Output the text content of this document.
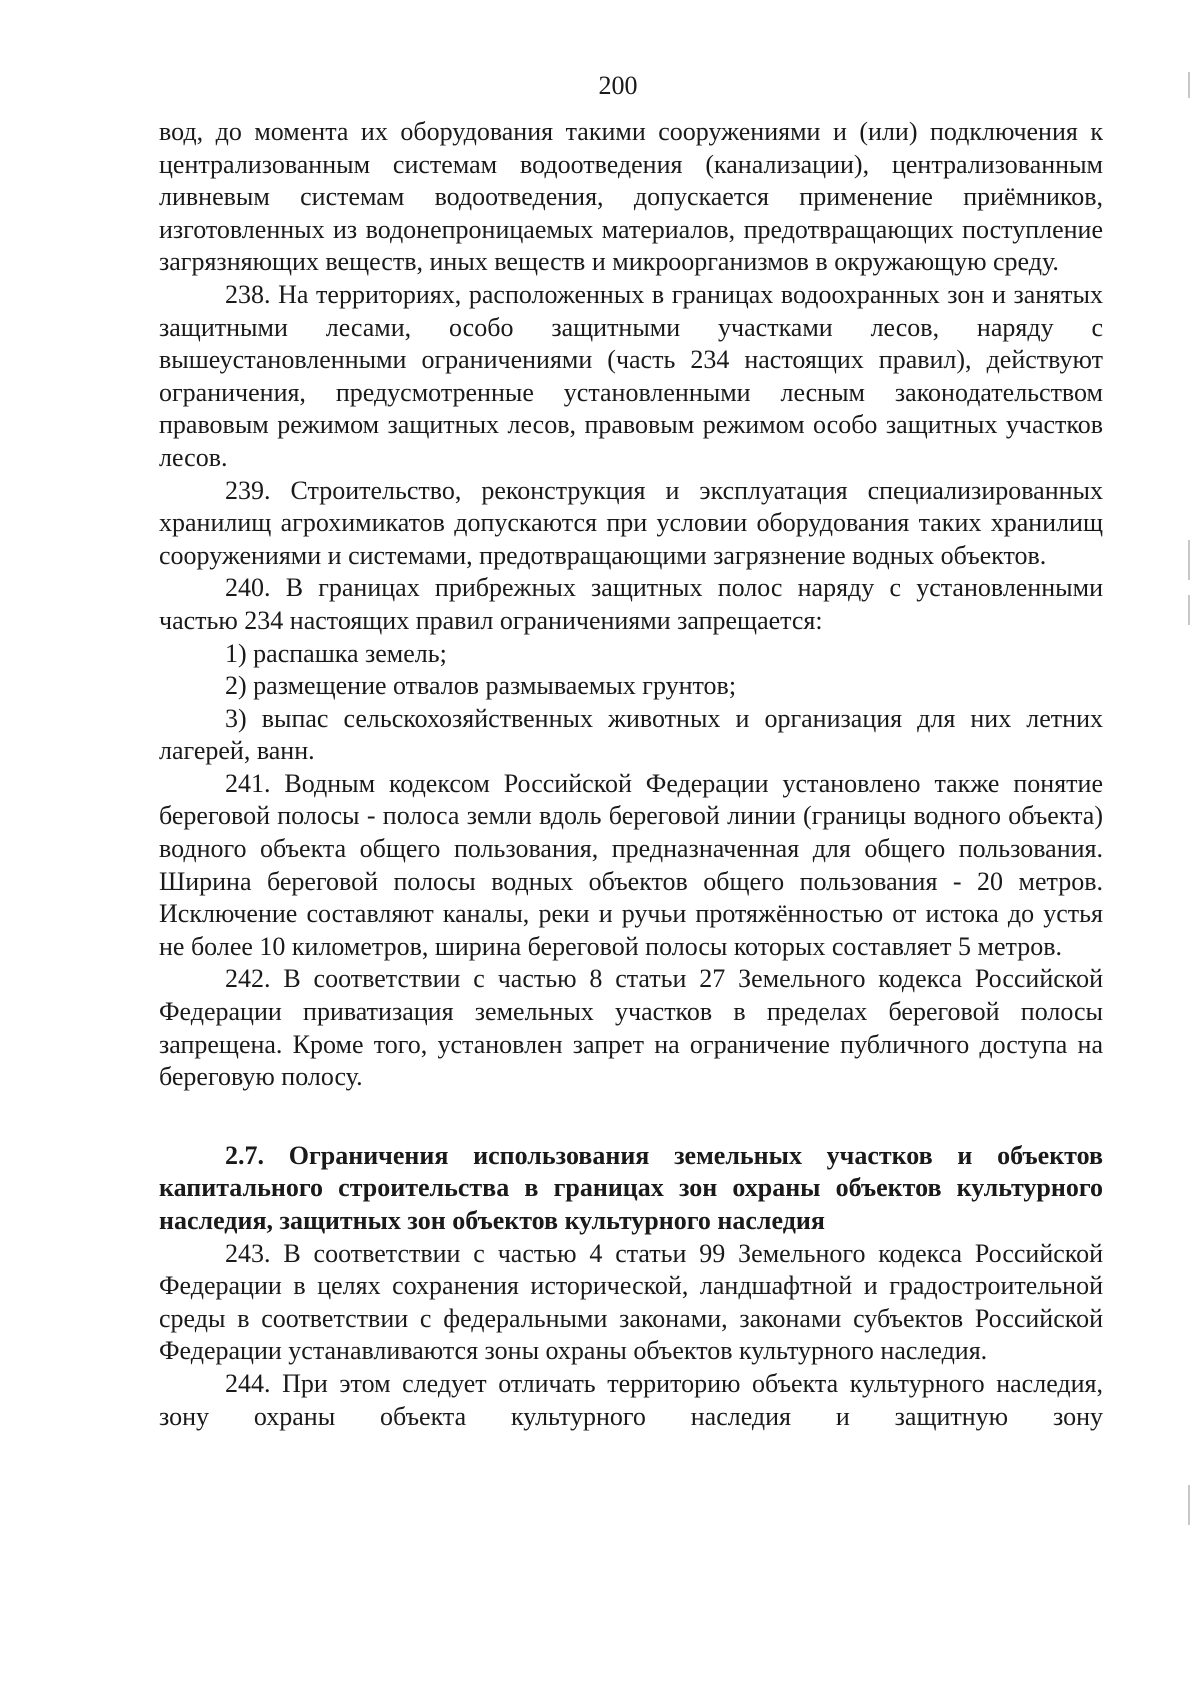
200

вод, до момента их оборудования такими сооружениями и (или) подключения к централизованным системам водоотведения (канализации), централизованным ливневым системам водоотведения, допускается применение приёмников, изготовленных из водонепроницаемых материалов, предотвращающих поступление загрязняющих веществ, иных веществ и микроорганизмов в окружающую среду.

238. На территориях, расположенных в границах водоохранных зон и занятых защитными лесами, особо защитными участками лесов, наряду с вышеустановленными ограничениями (часть 234 настоящих правил), действуют ограничения, предусмотренные установленными лесным законодательством правовым режимом защитных лесов, правовым режимом особо защитных участков лесов.

239. Строительство, реконструкция и эксплуатация специализированных хранилищ агрохимикатов допускаются при условии оборудования таких хранилищ сооружениями и системами, предотвращающими загрязнение водных объектов.

240. В границах прибрежных защитных полос наряду с установленными частью 234 настоящих правил ограничениями запрещается:

1) распашка земель;

2) размещение отвалов размываемых грунтов;

3) выпас сельскохозяйственных животных и организация для них летних лагерей, ванн.

241. Водным кодексом Российской Федерации установлено также понятие береговой полосы - полоса земли вдоль береговой линии (границы водного объекта) водного объекта общего пользования, предназначенная для общего пользования. Ширина береговой полосы водных объектов общего пользования - 20 метров. Исключение составляют каналы, реки и ручьи протяжённостью от истока до устья не более 10 километров, ширина береговой полосы которых составляет 5 метров.

242. В соответствии с частью 8 статьи 27 Земельного кодекса Российской Федерации приватизация земельных участков в пределах береговой полосы запрещена. Кроме того, установлен запрет на ограничение публичного доступа на береговую полосу.

2.7. Ограничения использования земельных участков и объектов капитального строительства в границах зон охраны объектов культурного наследия, защитных зон объектов культурного наследия

243. В соответствии с частью 4 статьи 99 Земельного кодекса Российской Федерации в целях сохранения исторической, ландшафтной и градостроительной среды в соответствии с федеральными законами, законами субъектов Российской Федерации устанавливаются зоны охраны объектов культурного наследия.

244. При этом следует отличать территорию объекта культурного наследия, зону охраны объекта культурного наследия и защитную зону
